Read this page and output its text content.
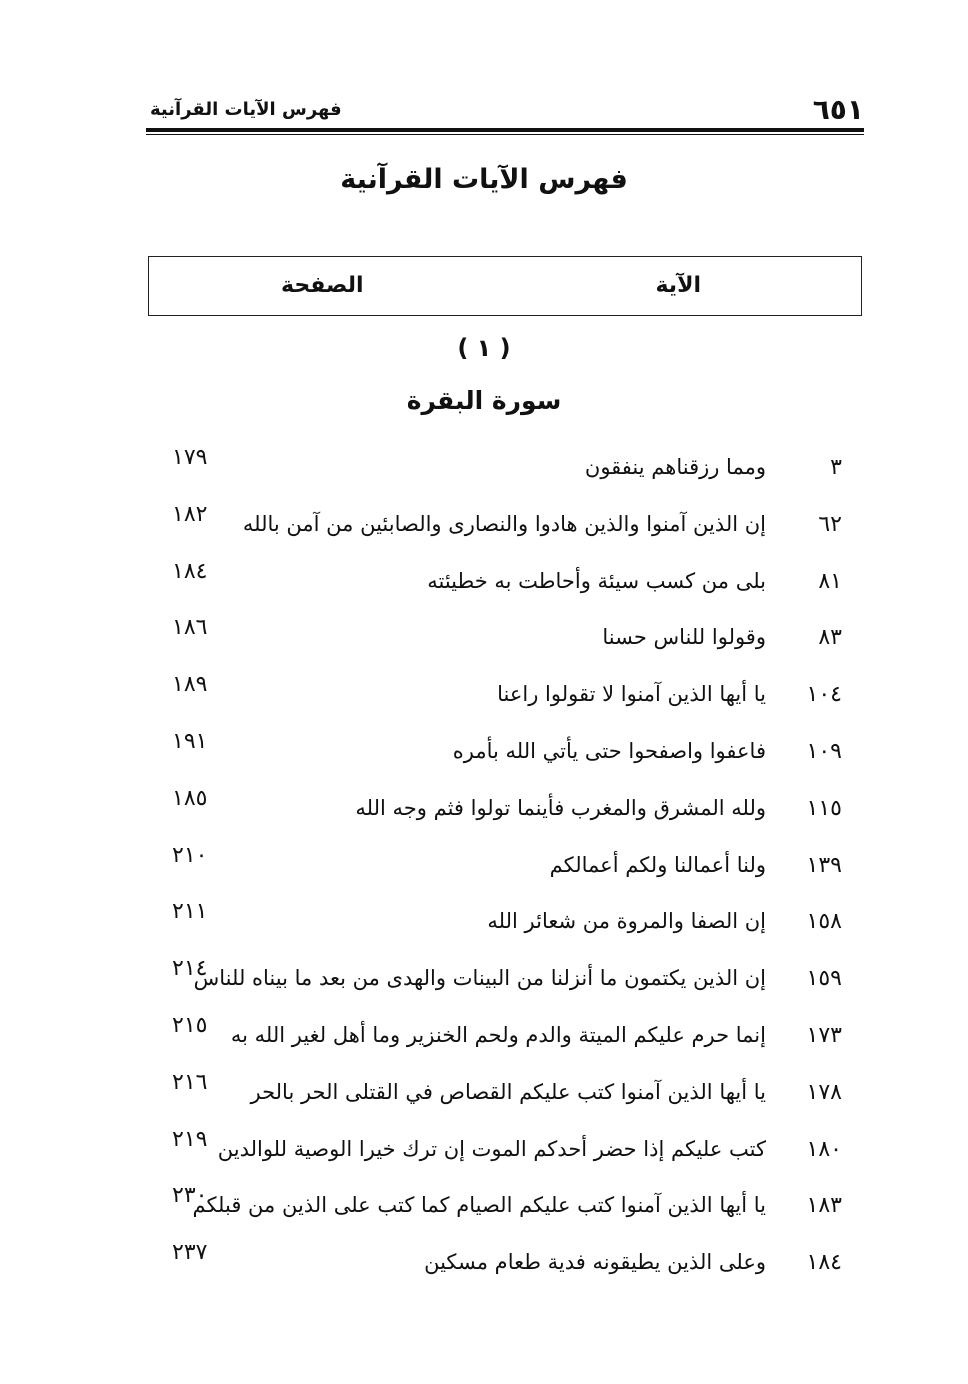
٦٥١
فهرس الآيات القرآنية
فهرس الآيات القرآنية
الآية
الصفحة
( ١ )
سورة البقرة
٣
ومما رزقناهم ينفقون
١٧٩
٦٢
إن الذين آمنوا والذين هادوا والنصارى والصابئين من آمن بالله
١٨٢
٨١
بلى من كسب سيئة وأحاطت به خطيئته
١٨٤
٨٣
وقولوا للناس حسنا
١٨٦
١٠٤
يا أيها الذين آمنوا لا تقولوا راعنا
١٨٩
١٠٩
فاعفوا واصفحوا حتى يأتي الله بأمره
١٩١
١١٥
ولله المشرق والمغرب فأينما تولوا فثم وجه الله
١٨٥
١٣٩
ولنا أعمالنا ولكم أعمالكم
٢١٠
١٥٨
إن الصفا والمروة من شعائر الله
٢١١
١٥٩
إن الذين يكتمون ما أنزلنا من البينات والهدى من بعد ما بيناه للناس
٢١٤
١٧٣
إنما حرم عليكم الميتة والدم ولحم الخنزير وما أهل لغير الله به
٢١٥
١٧٨
يا أيها الذين آمنوا كتب عليكم القصاص في القتلى الحر بالحر
٢١٦
١٨٠
كتب عليكم إذا حضر أحدكم الموت إن ترك خيرا الوصية للوالدين
٢١٩
١٨٣
يا أيها الذين آمنوا كتب عليكم الصيام كما كتب على الذين من قبلكم
٢٣٠
١٨٤
وعلى الذين يطيقونه فدية طعام مسكين
٢٣٧
